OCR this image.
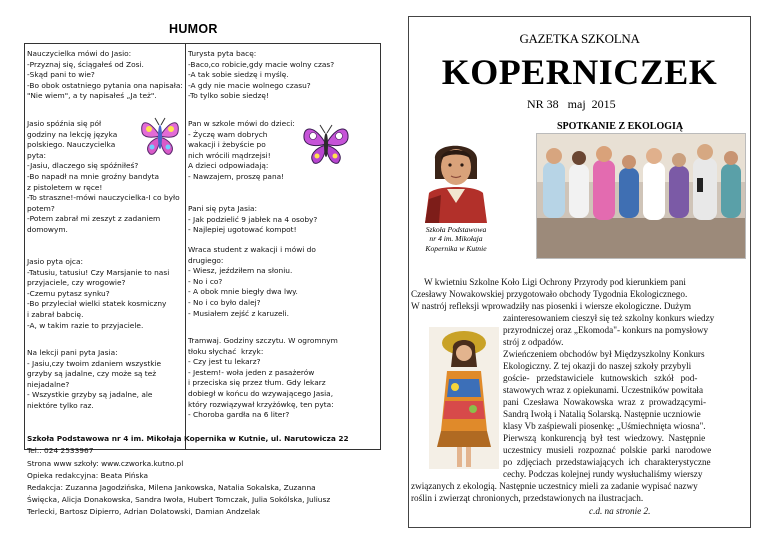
HUMOR
Nauczycielka mówi do Jasio:
-Przyznaj się, ściągałeś od Zosi.
-Skąd pani to wie?
-Bo obok ostatniego pytania ona napisała:
"Nie wiem", a ty napisałeś „Ja też".
Jasio spóźnia się pół
godziny na lekcję języka
polskiego. Nauczycielka
pyta:
-Jasiu, dlaczego się spóźniłeś?
-Bo napadł na mnie groźny bandyta
z pistoletem w ręce!
-To straszne!-mówi nauczycielka-I co było
potem?
-Potem zabrał mi zeszyt z zadaniem
domowym.
Jasio pyta ojca:
-Tatusiu, tatusiu! Czy Marsjanie to nasi
przyjaciele, czy wrogowie?
-Czemu pytasz synku?
-Bo przyleciał wielki statek kosmiczny
i zabrał babcię.
-A, w takim razie to przyjaciele.
Na lekcji pani pyta Jasia:
- Jasiu,czy twoim zdaniem wszystkie
grzyby są jadalne, czy może są też
niejadalne?
- Wszystkie grzyby są jadalne, ale
niektóre tylko raz.
Turysta pyta bacę:
-Baco,co robicie,gdy macie wolny czas?
-A tak sobie siedzę i myślę.
-A gdy nie macie wolnego czasu?
-To tylko sobie siedzę!
Pan w szkole mówi do dzieci:
- Życzę wam dobrych
wakacji i żebyście po
nich wrócili mądrzejsi!
A dzieci odpowiadają:
- Nawzajem, proszę pana!
Pani się pyta Jasia:
- Jak podzielić 9 jabłek na 4 osoby?
- Najlepiej ugotować kompot!
Wraca student z wakacji i mówi do
drugiego:
- Wiesz, jeździłem na słoniu.
- No i co?
- A obok mnie biegły dwa lwy.
- No i co było dalej?
- Musiałem zejść z karuzeli.
Tramwaj. Godziny szczytu. W ogromnym
tłoku słychać  krzyk:
- Czy jest tu lekarz?
- Jestem!- woła jeden z pasażerów
i przeciska się przez tłum. Gdy lekarz
dobiegł w końcu do wzywającego Jasia,
który rozwiązywał krzyżówkę, ten pyta:
- Choroba gardła na 6 liter?
Szkoła Podstawowa nr 4 im. Mikołaja Kopernika w Kutnie, ul. Narutowicza 22
Tel.: 024 2533967
Strona www szkoły: www.czworka.kutno.pl
Opieka redakcyjna: Beata Pińska
Redakcja: Zuzanna Jagodzińska, Milena Jankowska, Natalia Sokalska, Zuzanna
Święcka, Alicja Donakowska, Sandra Iwoła, Hubert Tomczak, Julia Sokólska, Juliusz
Terlecki, Bartosz Dipierro, Adrian Dolatowski, Damian Andzelak
GAZETKA SZKOLNA
KOPERNICZEK
NR 38   maj  2015
SPOTKANIE Z EKOLOGIĄ
Szkoła Podstawowa
nr 4 im. Mikołaja
Kopernika w Kutnie
W kwietniu Szkolne Koło Ligi Ochrony Przyrody pod kierunkiem pani
Czesławy Nowakowskiej przygotowało obchody Tygodnia Ekologicznego.
W nastrój refleksji wprowadziły nas piosenki i wiersze ekologiczne. Dużym
zainteresowaniem cieszył się też szkolny konkurs wiedzy
przyrodniczej oraz „Ekomoda"- konkurs na pomysłowy
strój z odpadów.
Zwieńczeniem obchodów był Międzyszkolny Konkurs
Ekologiczny. Z tej okazji do naszej szkoły przybyli
goście-   przedstawiciele   kutnowskich   szkół   pod-
stawowych wraz z opiekunami. Uczestników powitała
pani  Czesława  Nowakowska  wraz  z  prowadzącymi-
Sandrą Iwołą i Natalią Solarską. Następnie uczniowie
klasy Vb zaśpiewali piosenkę: „Uśmiechnięta wiosna".
Pierwszą  konkurencją  był  test  wiedzowy.  Następnie
uczestnicy  musieli  rozpoznać  polskie  parki  narodowe
po  zdjęciach  przedstawiających  ich  charakterystyczne
cechy. Podczas kolejnej rundy wysłuchaliśmy wierszy
związanych z ekologią. Następnie uczestnicy mieli za zadanie wypisać nazwy
roślin i zwierząt chronionych, przedstawionych na ilustracjach.
c.d. na stronie 2.
